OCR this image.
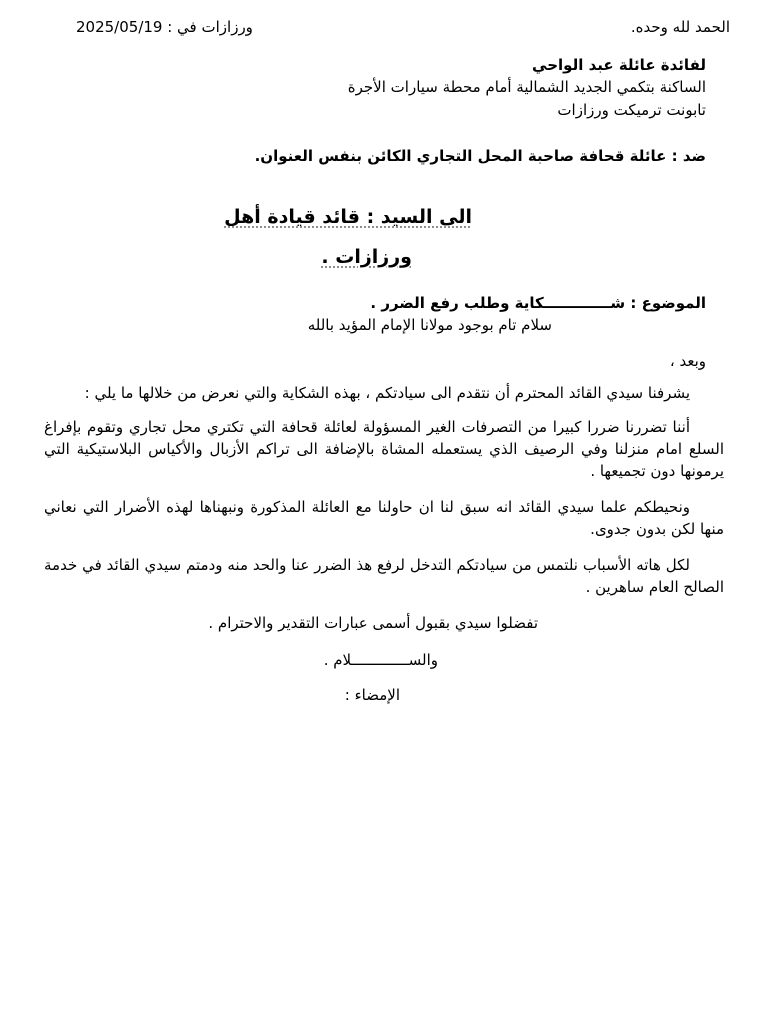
ورزازات في : 2025/05/19	الحمد لله وحده.
لفائدة عائلة عبد الواحي
الساكنة بتكمي الجديد الشمالية أمام محطة سيارات الأجرة
تابونت ترميكت ورزازات
ضد : عائلة قحافة صاحبة المحل التجاري الكائن بنفس العنوان.
الى السيد : قائد قيادة أهل
ورزازات .
الموضوع : شـــــــــــــكاية وطلب رفع الضرر .
سلام تام بوجود مولانا الإمام المؤيد بالله
وبعد ،
يشرفنا سيدي القائد المحترم أن نتقدم الى سيادتكم ، بهذه الشكاية والتي نعرض من خلالها ما يلي :
أننا تضررنا ضررا كبيرا من التصرفات الغير المسؤولة لعائلة قحافة التي تكتري محل تجاري وتقوم بإفراغ السلع امام منزلنا وفي الرصيف الذي يستعمله المشاة بالإضافة الى تراكم الأزبال والأكياس البلاستيكية التي يرمونها دون تجميعها .
ونحيطكم علما سيدي القائد انه سبق لنا ان حاولنا مع العائلة المذكورة ونبهناها لهذه الأضرار التي نعاني منها لكن بدون جدوى.
لكل هاته الأسباب نلتمس من سيادتكم التدخل لرفع هذ الضرر عنا والحد منه ودمتم سيدي القائد في خدمة الصالح العام ساهرين .
تفضلوا سيدي بقبول أسمى عبارات التقدير والاحترام .
والســـــــــــــلام .
الإمضاء :
